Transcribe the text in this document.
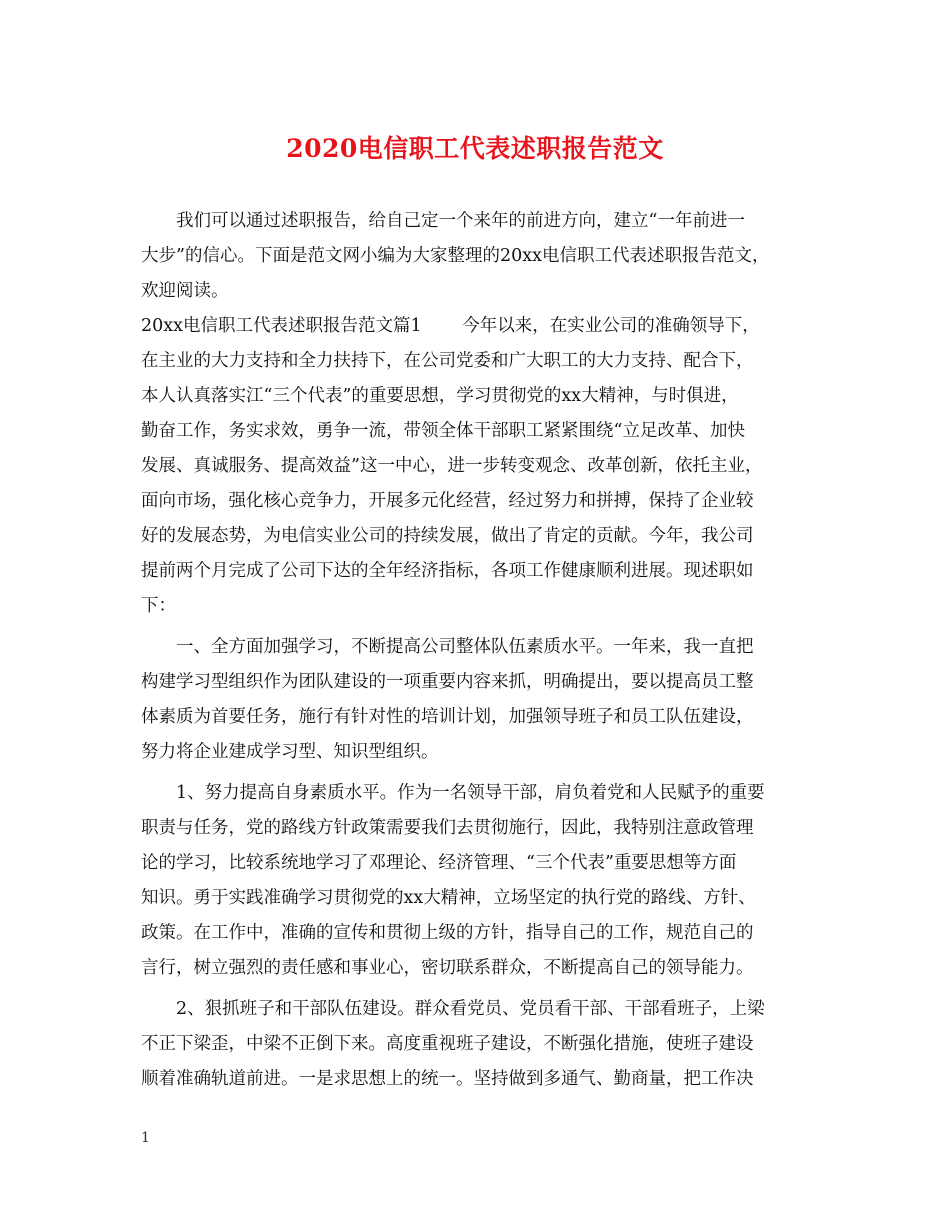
2020电信职工代表述职报告范文
　　我们可以通过述职报告，给自己定一个来年的前进方向，建立“一年前进一
大步”的信心。下面是范文网小编为大家整理的20xx电信职工代表述职报告范文，
欢迎阅读。
20xx电信职工代表述职报告范文篇1　　 今年以来，在实业公司的准确领导下，
在主业的大力支持和全力扶持下，在公司党委和广大职工的大力支持、配合下，
本人认真落实江“三个代表”的重要思想，学习贯彻党的xx大精神，与时俱进，
勤奋工作，务实求效，勇争一流，带领全体干部职工紧紧围绕“立足改革、加快
发展、真诚服务、提高效益”这一中心，进一步转变观念、改革创新，依托主业，
面向市场，强化核心竞争力，开展多元化经营，经过努力和拼搏，保持了企业较
好的发展态势，为电信实业公司的持续发展，做出了肯定的贡献。今年，我公司
提前两个月完成了公司下达的全年经济指标，各项工作健康顺利进展。现述职如
下：
　　一、全方面加强学习，不断提高公司整体队伍素质水平。一年来，我一直把
构建学习型组织作为团队建设的一项重要内容来抓，明确提出，要以提高员工整
体素质为首要任务，施行有针对性的培训计划，加强领导班子和员工队伍建设，
努力将企业建成学习型、知识型组织。
　　1、努力提高自身素质水平。作为一名领导干部，肩负着党和人民赋予的重要
职责与任务，党的路线方针政策需要我们去贯彻施行，因此，我特别注意政管理
论的学习，比较系统地学习了邓理论、经济管理、“三个代表”重要思想等方面
知识。勇于实践准确学习贯彻党的xx大精神，立场坚定的执行党的路线、方针、
政策。在工作中，准确的宣传和贯彻上级的方针，指导自己的工作，规范自己的
言行，树立强烈的责任感和事业心，密切联系群众，不断提高自己的领导能力。
　　2、狠抓班子和干部队伍建设。群众看党员、党员看干部、干部看班子，上梁
不正下梁歪，中梁不正倒下来。高度重视班子建设，不断强化措施，使班子建设
顺着准确轨道前进。一是求思想上的统一。坚持做到多通气、勤商量，把工作决
1
